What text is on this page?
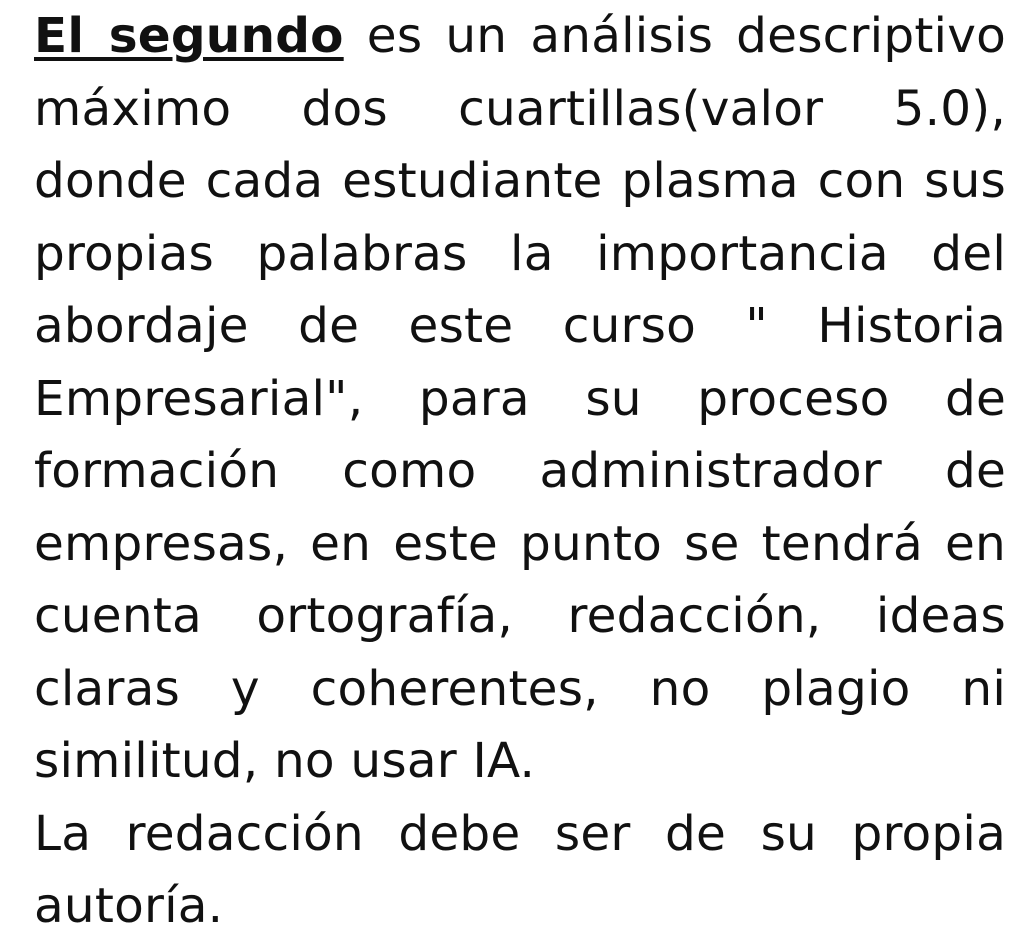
El segundo es un análisis descriptivo máximo dos cuartillas(valor 5.0), donde cada estudiante plasma con sus propias palabras la importancia del abordaje de este curso " Historia Empresarial", para su proceso de formación como administrador de empresas, en este punto se tendrá en cuenta ortografía, redacción, ideas claras y coherentes, no plagio ni similitud, no usar IA.

La redacción debe ser de su propia autoría.
